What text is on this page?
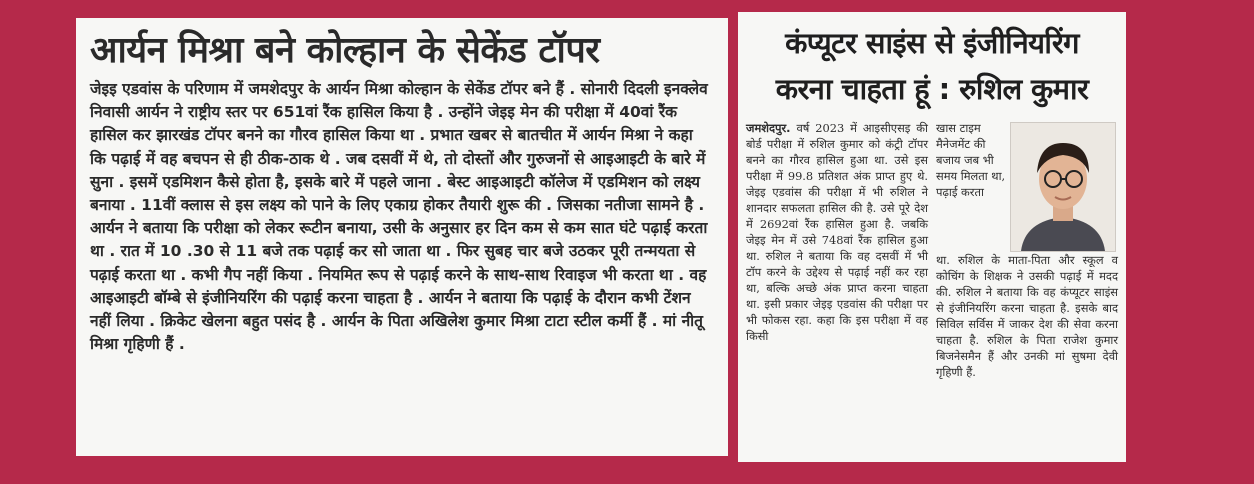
आर्यन मिश्रा बने कोल्हान के सेकेंड टॉपर

जेइइ एडवांस के परिणाम में जमशेदपुर के आर्यन मिश्रा कोल्हान के सेकेंड टॉपर बने हैं . सोनारी दिदली इनक्लेव निवासी आर्यन ने राष्ट्रीय स्तर पर 651वां रैंक हासिल किया है . उन्होंने जेइइ मेन की परीक्षा में 40वां रैंक हासिल कर झारखंड टॉपर बनने का गौरव हासिल किया था . प्रभात खबर से बातचीत में आर्यन मिश्रा ने कहा कि पढ़ाई में वह बचपन से ही ठीक-ठाक थे . जब दसवीं में थे, तो दोस्तों और गुरुजनों से आइआइटी के बारे में सुना . इसमें एडमिशन कैसे होता है, इसके बारे में पहले जाना . बेस्ट आइआइटी कॉलेज में एडमिशन को लक्ष्य बनाया . 11वीं क्लास से इस लक्ष्य को पाने के लिए एकाग्र होकर तैयारी शुरू की . जिसका नतीजा सामने है . आर्यन ने बताया कि परीक्षा को लेकर रूटीन बनाया, उसी के अनुसार हर दिन कम से कम सात घंटे पढ़ाई करता था . रात में 10 .30 से 11 बजे तक पढ़ाई कर सो जाता था . फिर सुबह चार बजे उठकर पूरी तन्मयता से पढ़ाई करता था . कभी गैप नहीं किया . नियमित रूप से पढ़ाई करने के साथ-साथ रिवाइज भी करता था . वह आइआइटी बॉम्बे से इंजीनियरिंग की पढ़ाई करना चाहता है . आर्यन ने बताया कि पढ़ाई के दौरान कभी टेंशन नहीं लिया . क्रिकेट खेलना बहुत पसंद है . आर्यन के पिता अखिलेश कुमार मिश्रा टाटा स्टील कर्मी हैं . मां नीतू मिश्रा गृहिणी हैं .

कंप्यूटर साइंस से इंजीनियरिंग
करना चाहता हूं : रुशिल कुमार
जमशेदपुर. वर्ष 2023 में आइसीएसइ की बोर्ड परीक्षा में रुशिल कुमार को कंट्री टॉपर बनने का गौरव हासिल हुआ था. उसे इस परीक्षा में 99.8 प्रतिशत अंक प्राप्त हुए थे. जेइइ एडवांस की परीक्षा में भी रुशिल ने शानदार सफलता हासिल की है. उसे पूरे देश में 2692वां रैंक हासिल हुआ है. जबकि जेइइ मेन में उसे 748वां रैंक हासिल हुआ था. रुशिल ने बताया कि वह दसवीं में भी टॉप करने के उद्देश्य से पढ़ाई नहीं कर रहा था, बल्कि अच्छे अंक प्राप्त करना चाहता था. इसी प्रकार जेइइ एडवांस की परीक्षा पर भी फोकस रहा. कहा कि इस परीक्षा में वह किसी
खास टाइम मैनेजमेंट की बजाय जब भी समय मिलता था, पढ़ाई करता
था. रुशिल के माता-पिता और स्कूल व कोचिंग के शिक्षक ने उसकी पढ़ाई में मदद की. रुशिल ने बताया कि वह कंप्यूटर साइंस से इंजीनियरिंग करना चाहता है. इसके बाद सिविल सर्विस में जाकर देश की सेवा करना चाहता है. रुशिल के पिता राजेश कुमार बिजनेसमैन हैं और उनकी मां सुषमा देवी गृहिणी हैं.
